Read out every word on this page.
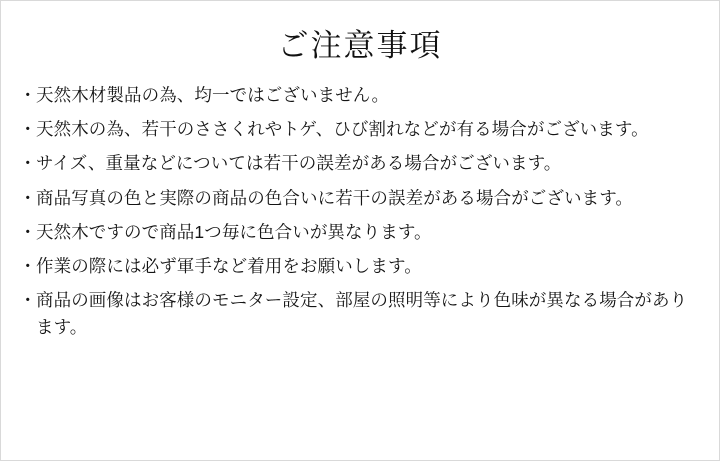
ご注意事項
・ 天然木材製品の為、均一ではございません。
・ 天然木の為、若干のささくれやトゲ、ひび割れなどが有る場合がございます。
・ サイズ、重量などについては若干の誤差がある場合がございます。
・ 商品写真の色と実際の商品の色合いに若干の誤差がある場合がございます。
・ 天然木ですので商品1つ毎に色合いが異なります。
・ 作業の際には必ず軍手など着用をお願いします。
・ 商品の画像はお客様のモニター設定、部屋の照明等により色味が異なる場合があります。
